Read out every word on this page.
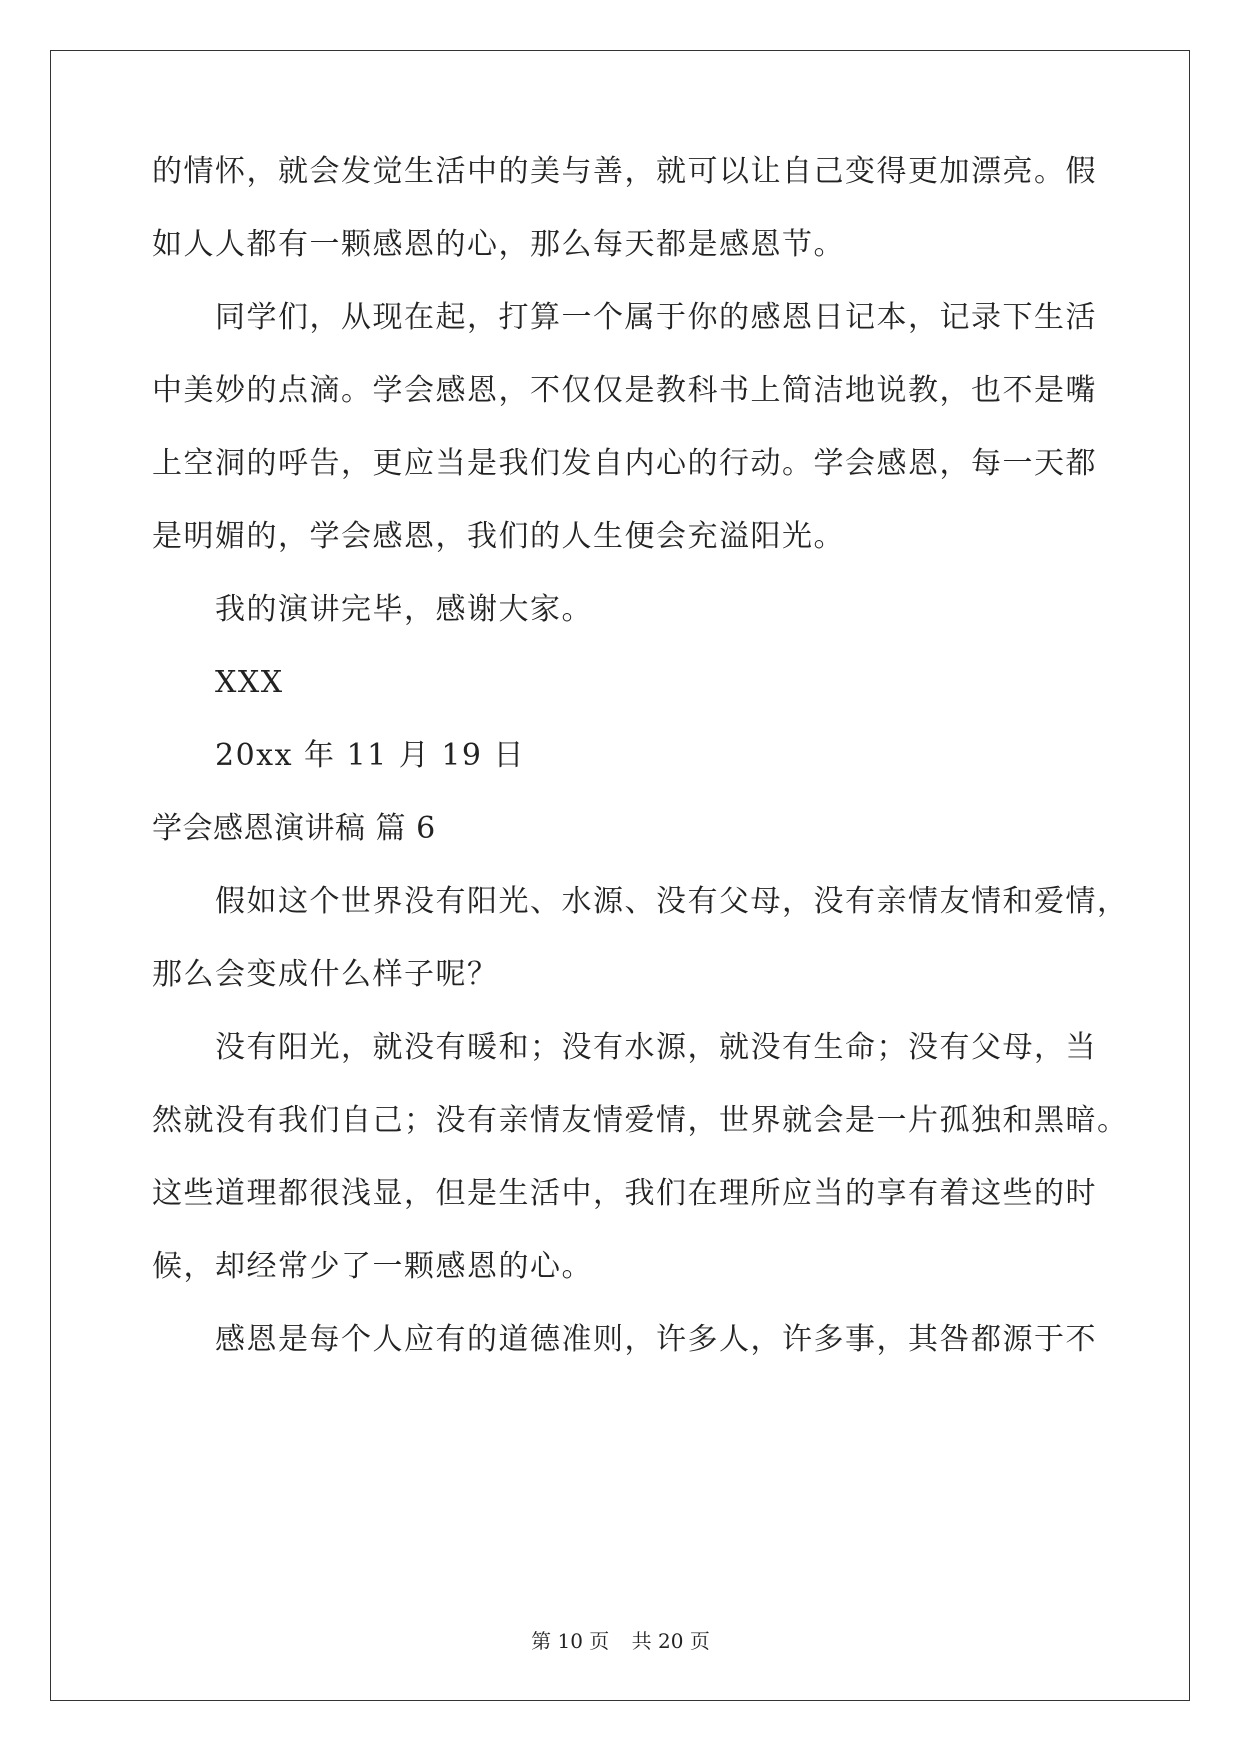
的情怀，就会发觉生活中的美与善，就可以让自己变得更加漂亮。假
如人人都有一颗感恩的心，那么每天都是感恩节。
同学们，从现在起，打算一个属于你的感恩日记本，记录下生活
中美妙的点滴。学会感恩，不仅仅是教科书上简洁地说教，也不是嘴
上空洞的呼告，更应当是我们发自内心的行动。学会感恩，每一天都
是明媚的，学会感恩，我们的人生便会充溢阳光。
我的演讲完毕，感谢大家。
XXX
20xx 年 11 月 19 日
学会感恩演讲稿 篇 6
假如这个世界没有阳光、水源、没有父母，没有亲情友情和爱情，
那么会变成什么样子呢？
没有阳光，就没有暖和；没有水源，就没有生命；没有父母，当
然就没有我们自己；没有亲情友情爱情，世界就会是一片孤独和黑暗。
这些道理都很浅显，但是生活中，我们在理所应当的享有着这些的时
候，却经常少了一颗感恩的心。
感恩是每个人应有的道德准则，许多人，许多事，其咎都源于不
第 10 页 共 20 页
